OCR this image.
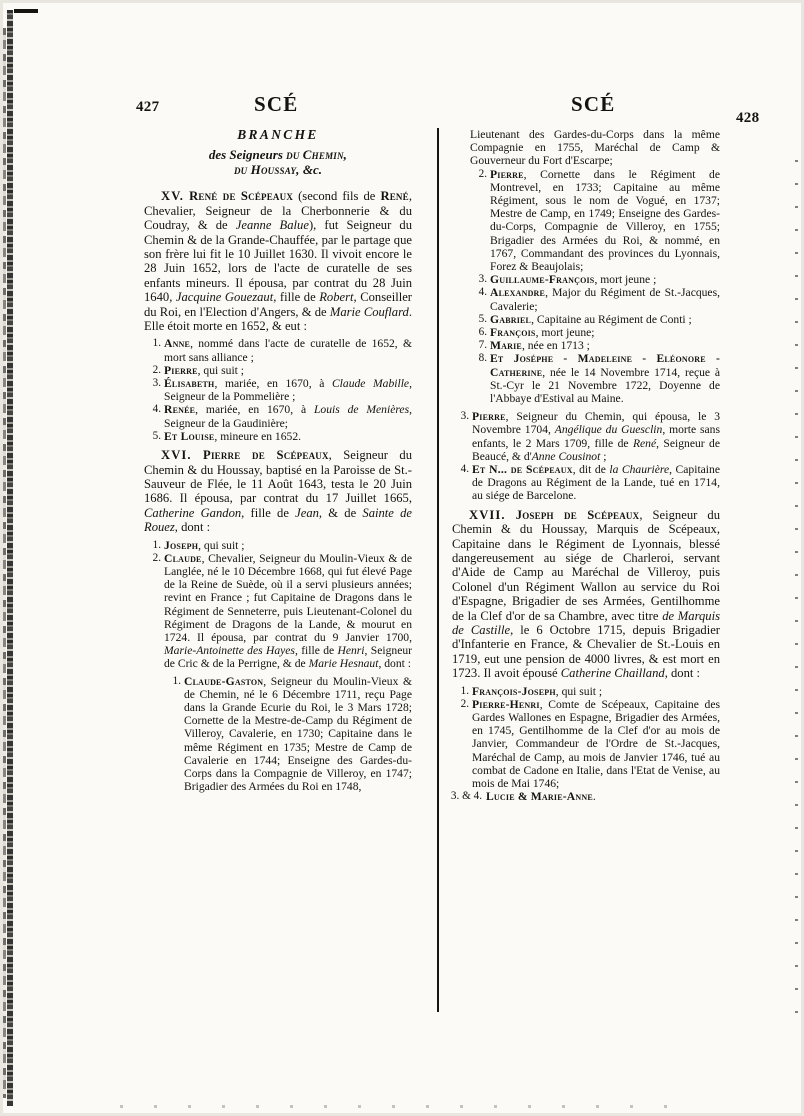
427	SCÉ	SCÉ
428
BRANCHE
des Seigneurs du Chemin,
du Houssay, &c.

XV. René de Scépeaux (second fils de René, Chevalier, Seigneur de la Cherbonnerie & du Coudray, & de Jeanne Balue), fut Seigneur du Chemin & de la Grande-Chauffée, par le partage que son frère lui fit le 10 Juillet 1630. Il vivoit encore le 28 Juin 1652, lors de l'acte de curatelle de ses enfants mineurs. Il épousa, par contrat du 28 Juin 1640, Jacquine Gouezaut, fille de Robert, Conseiller du Roi, en l'Election d'Angers, & de Marie Couflard. Elle étoit morte en 1652, & eut :

1. Anne, nommé dans l'acte de curatelle de 1652, & mort sans alliance ;
2. Pierre, qui suit ;
3. Élisabeth, mariée, en 1670, à Claude Mabille, Seigneur de la Pommelière ;
4. Renée, mariée, en 1670, à Louis de Menières, Seigneur de la Gaudinière;
5. Et Louise, mineure en 1652.

XVI. Pierre de Scépeaux, Seigneur du Chemin & du Houssay, baptisé en la Paroisse de St.-Sauveur de Flée, le 11 Août 1643, testa le 20 Juin 1686. Il épousa, par contrat du 17 Juillet 1665, Catherine Gandon, fille de Jean, & de Sainte de Rouez, dont :

1. Joseph, qui suit ;
2. Claude, Chevalier, Seigneur du Moulin-Vieux & de Langlée, né le 10 Décembre 1668, qui fut élevé Page de la Reine de Suède, où il a servi plusieurs années; revint en France ; fut Capitaine de Dragons dans le Régiment de Senneterre, puis Lieutenant-Colonel du Régiment de Dragons de la Lande, & mourut en 1724. Il épousa, par contrat du 9 Janvier 1700, Marie-Antoinette des Hayes, fille de Henri, Seigneur de Cric & de la Perrigne, & de Marie Hesnaut, dont :
1. Claude-Gaston, Seigneur du Moulin-Vieux & de Chemin, né le 6 Décembre 1711, reçu Page dans la Grande Ecurie du Roi, le 3 Mars 1728; Cornette de la Mestre-de-Camp du Régiment de Villeroy, Cavalerie, en 1730; Capitaine dans le même Régiment en 1735; Mestre de Camp de Cavalerie en 1744; Enseigne des Gardes-du-Corps dans la Compagnie de Villeroy, en 1747; Brigadier des Armées du Roi en 1748,
Lieutenant des Gardes-du-Corps dans la même Compagnie en 1755, Maréchal de Camp & Gouverneur du Fort d'Escarpe;
2. Pierre, Cornette dans le Régiment de Montrevel, en 1733; Capitaine au même Régiment, sous le nom de Vogué, en 1737; Mestre de Camp, en 1749; Enseigne des Gardes-du-Corps, Compagnie de Villeroy, en 1755; Brigadier des Armées du Roi, & nommé, en 1767, Commandant des provinces du Lyonnais, Forez & Beaujolais;
3. Guillaume-François, mort jeune ;
4. Alexandre, Major du Régiment de St.-Jacques, Cavalerie;
5. Gabriel, Capitaine au Régiment de Conti ;
6. François, mort jeune;
7. Marie, née en 1713 ;
8. Et Joséphe - Madeleine - Eléonore - Catherine, née le 14 Novembre 1714, reçue à St.-Cyr le 21 Novembre 1722, Doyenne de l'Abbaye d'Estival au Maine.
3. Pierre, Seigneur du Chemin, qui épousa, le 3 Novembre 1704, Angélique du Guesclin, morte sans enfants, le 2 Mars 1709, fille de René, Seigneur de Beaucé, & d'Anne Cousinot ;
4. Et N... de Scépeaux, dit de la Chaurière, Capitaine de Dragons au Régiment de la Lande, tué en 1714, au siége de Barcelone.

XVII. Joseph de Scépeaux, Seigneur du Chemin & du Houssay, Marquis de Scépeaux, Capitaine dans le Régiment de Lyonnais, blessé dangereusement au siége de Charleroi, servant d'Aide de Camp au Maréchal de Villeroy, puis Colonel d'un Régiment Wallon au service du Roi d'Espagne, Brigadier de ses Armées, Gentilhomme de la Clef d'or de sa Chambre, avec titre de Marquis de Castille, le 6 Octobre 1715, depuis Brigadier d'Infanterie en France, & Chevalier de St.-Louis en 1719, eut une pension de 4000 livres, & est mort en 1723. Il avoit épousé Catherine Chailland, dont :

1. François-Joseph, qui suit ;
2. Pierre-Henri, Comte de Scépeaux, Capitaine des Gardes Wallones en Espagne, Brigadier des Armées, en 1745, Gentilhomme de la Clef d'or au mois de Janvier, Commandeur de l'Ordre de St.-Jacques, Maréchal de Camp, au mois de Janvier 1746, tué au combat de Cadone en Italie, dans l'Etat de Venise, au mois de Mai 1746;
3. & 4. Lucie & Marie-Anne.
